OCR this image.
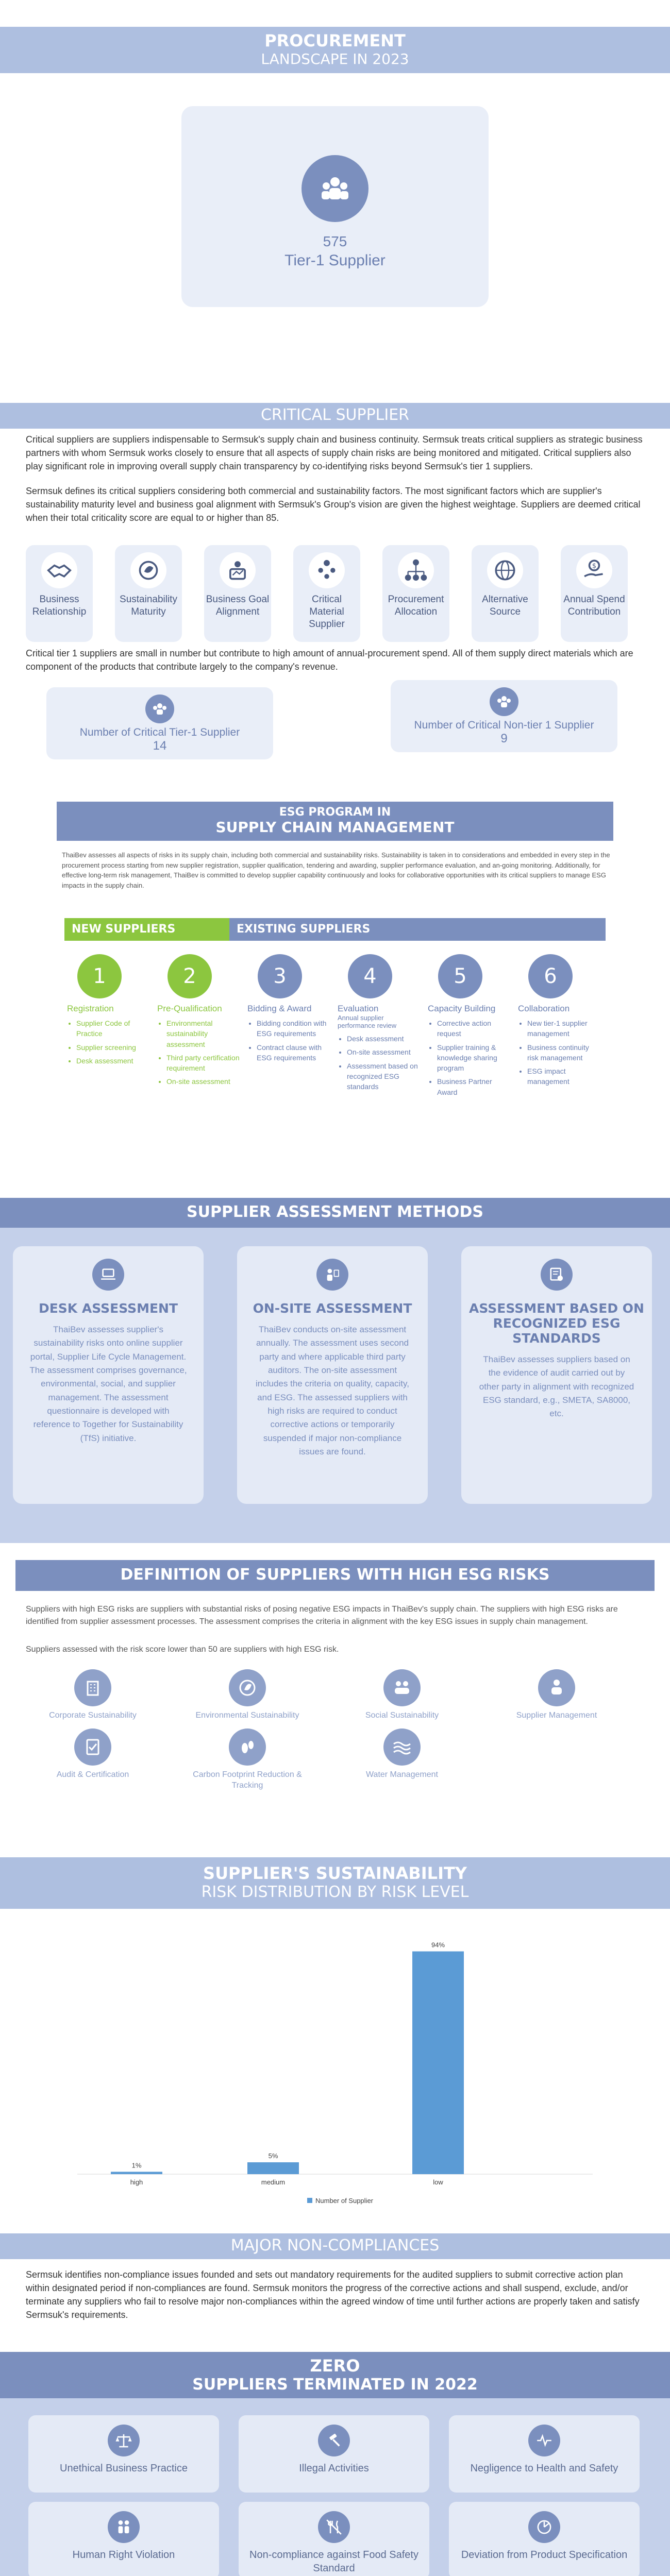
PROCUREMENT
LANDSCAPE IN 2023
575
Tier-1 Supplier
CRITICAL SUPPLIER
Critical suppliers are suppliers indispensable to Sermsuk's supply chain and business continuity. Sermsuk treats critical suppliers as strategic business partners with whom Sermsuk works closely to ensure that all aspects of supply chain risks are being monitored and mitigated. Critical suppliers also play significant role in improving overall supply chain transparency by co-identifying risks beyond Sermsuk's tier 1 suppliers.
Sermsuk defines its critical suppliers considering both commercial and sustainability factors. The most significant factors which are supplier's sustainability maturity level and business goal alignment with Sermsuk's Group's vision are given the highest weightage. Suppliers are deemed critical when their total criticality score are equal to or higher than 85.
Business Relationship
Sustainability Maturity
Business Goal Alignment
Critical Material Supplier
Procurement Allocation
Alternative Source
$
Annual Spend Contribution
Critical tier 1 suppliers are small in number but contribute to high amount of annual-procurement spend. All of them supply direct materials which are component of the products that contribute largely to the company's revenue.
Number of Critical Tier-1 Supplier
14
Number of Critical Non-tier 1 Supplier
9
ESG PROGRAM IN
SUPPLY CHAIN MANAGEMENT
ThaiBev assesses all aspects of risks in its supply chain, including both commercial and sustainability risks. Sustainability is taken in to considerations and embedded in every step in the procurement process starting from new supplier registration, supplier qualification, tendering and awarding, supplier performance evaluation, and an-going monitoring. Additionally, for effective long-term risk management, ThaiBev is committed to develop supplier capability continuously and looks for collaborative opportunities with its critical suppliers to manage ESG impacts in the supply chain.
NEW SUPPLIERS	EXISTING SUPPLIERS
1
Registration
• Supplier Code of Practice
• Supplier screening
• Desk assessment
2
Pre-Qualification
• Environmental sustainability assessment
• Third party certification requirement
• On-site assessment
3
Bidding & Award
• Bidding condition with ESG requirements
• Contract clause with ESG requirements
4
Evaluation
Annual supplier performance review
• Desk assessment
• On-site assessment
• Assessment based on recognized ESG standards
5
Capacity Building
• Corrective action request
• Supplier training & knowledge sharing program
• Business Partner Award
6
Collaboration
• New tier-1 supplier management
• Business continuity risk management
• ESG impact management
SUPPLIER ASSESSMENT METHODS
DESK ASSESSMENT

ThaiBev assesses supplier's sustainability risks onto online supplier portal, Supplier Life Cycle Management. The assessment comprises governance, environmental, social, and supplier management. The assessment questionnaire is developed with reference to Together for Sustainability (TfS) initiative.

ON-SITE ASSESSMENT

ThaiBev conducts on-site assessment annually. The assessment uses second party and where applicable third party auditors. The on-site assessment includes the criteria on quality, capacity, and ESG. The assessed suppliers with high risks are required to conduct corrective actions or temporarily suspended if major non-compliance issues are found.

ASSESSMENT BASED ON RECOGNIZED ESG STANDARDS

ThaiBev assesses suppliers based on the evidence of audit carried out by other party in alignment with recognized ESG standard, e.g., SMETA, SA8000, etc.

DEFINITION OF SUPPLIERS WITH HIGH ESG RISKS
Suppliers with high ESG risks are suppliers with substantial risks of posing negative ESG impacts in ThaiBev's supply chain. The suppliers with high ESG risks are identified from supplier assessment processes. The assessment comprises the criteria in alignment with the key ESG issues in supply chain management.
Suppliers assessed with the risk score lower than 50 are suppliers with high ESG risk.
Corporate Sustainability	Environmental Sustainability	Social Sustainability	Supplier Management
Audit & Certification	Carbon Footprint Reduction & Tracking
Water Management
SUPPLIER'S SUSTAINABILITY
RISK DISTRIBUTION BY RISK LEVEL
1%
high
5%
medium
94%
low
Number of Supplier
MAJOR NON-COMPLIANCES
Sermsuk identifies non-compliance issues founded and sets out mandatory requirements for the audited suppliers to submit corrective action plan within designated period if non-compliances are found. Sermsuk monitors the progress of the corrective actions and shall suspend, exclude, and/or terminate any suppliers who fail to resolve major non-compliances within the agreed window of time until further actions are properly taken and satisfy Sermsuk's requirements.
ZERO
SUPPLIERS TERMINATED IN 2022
Unethical Business Practice	Illegal Activities	Negligence to Health and Safety
Human Right Violation	Non-compliance against Food Safety Standard
Deviation from Product Specification
